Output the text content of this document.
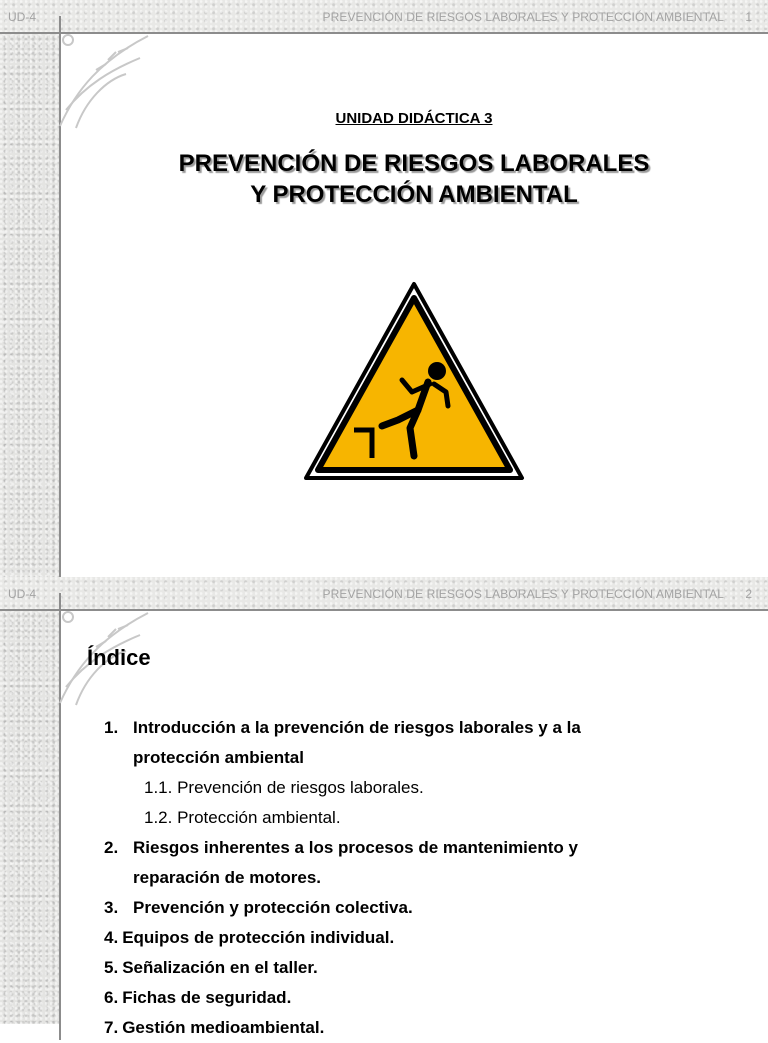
UD-4	PREVENCIÓN DE RIESGOS LABORALES Y PROTECCIÓN AMBIENTAL 1
UNIDAD DIDÁCTICA 3
PREVENCIÓN DE RIESGOS LABORALES
Y PROTECCIÓN AMBIENTAL
UD-4	PREVENCIÓN DE RIESGOS LABORALES Y PROTECCIÓN AMBIENTAL 2
Índice
1. Introducción a la prevención de riesgos laborales y a la
protección ambiental
1.1. Prevención de riesgos laborales.
1.2. Protección ambiental.
2. Riesgos inherentes a los procesos de mantenimiento y
reparación de motores.
3. Prevención y protección colectiva.
4. Equipos de protección individual.
5. Señalización en el taller.
6. Fichas de seguridad.
7. Gestión medioambiental.
